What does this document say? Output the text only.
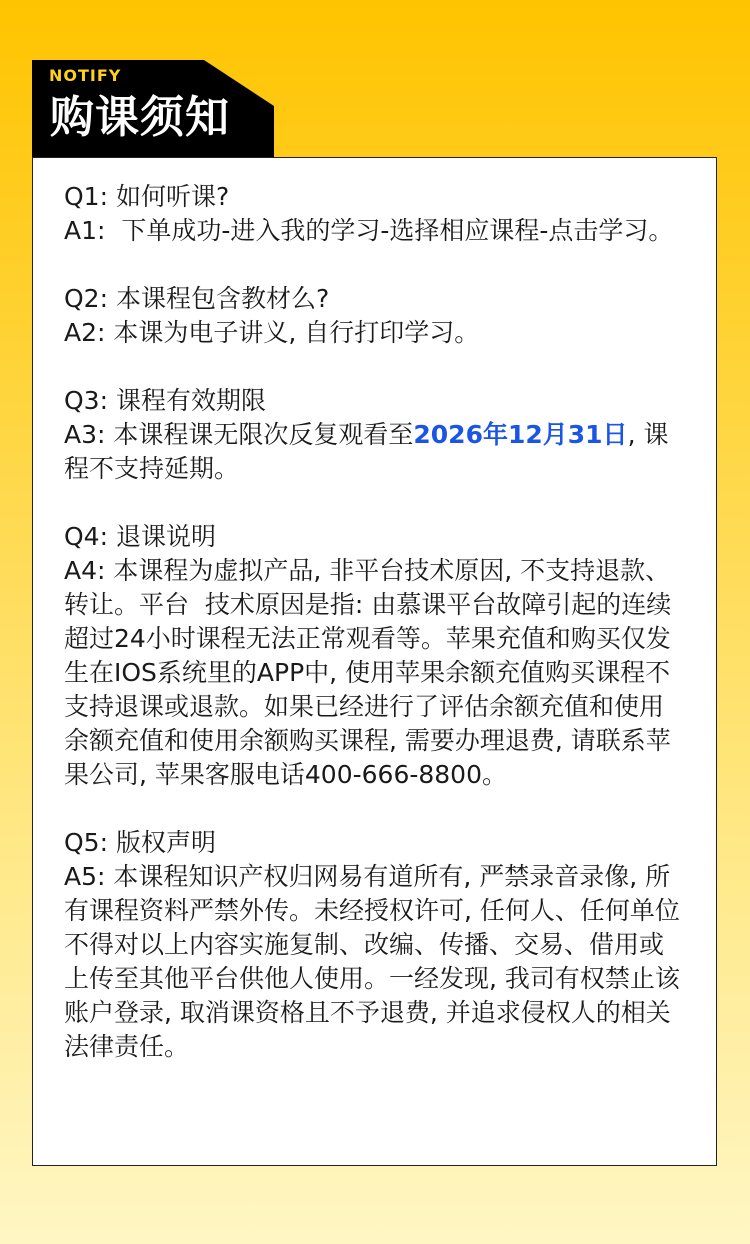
NOTIFY
购课须知

Q1: 如何听课?

A1:  下单成功-进入我的学习-选择相应课程-点击学习。

Q2: 本课程包含教材么?

A2: 本课为电子讲义, 自行打印学习。

Q3: 课程有效期限

A3: 本课程课无限次反复观看至2026年12月31日, 课程不支持延期。

Q4: 退课说明

A4: 本课程为虚拟产品, 非平台技术原因, 不支持退款、转让。平台  技术原因是指: 由慕课平台故障引起的连续超过24小时课程无法正常观看等。苹果充值和购买仅发生在IOS系统里的APP中, 使用苹果余额充值购买课程不支持退课或退款。如果已经进行了评估余额充值和使用余额充值和使用余额购买课程, 需要办理退费, 请联系苹果公司, 苹果客服电话400-666-8800。

Q5: 版权声明

A5: 本课程知识产权归网易有道所有, 严禁录音录像, 所有课程资料严禁外传。未经授权许可, 任何人、任何单位不得对以上内容实施复制、改编、传播、交易、借用或上传至其他平台供他人使用。一经发现, 我司有权禁止该账户登录, 取消课资格且不予退费, 并追求侵权人的相关法律责任。
